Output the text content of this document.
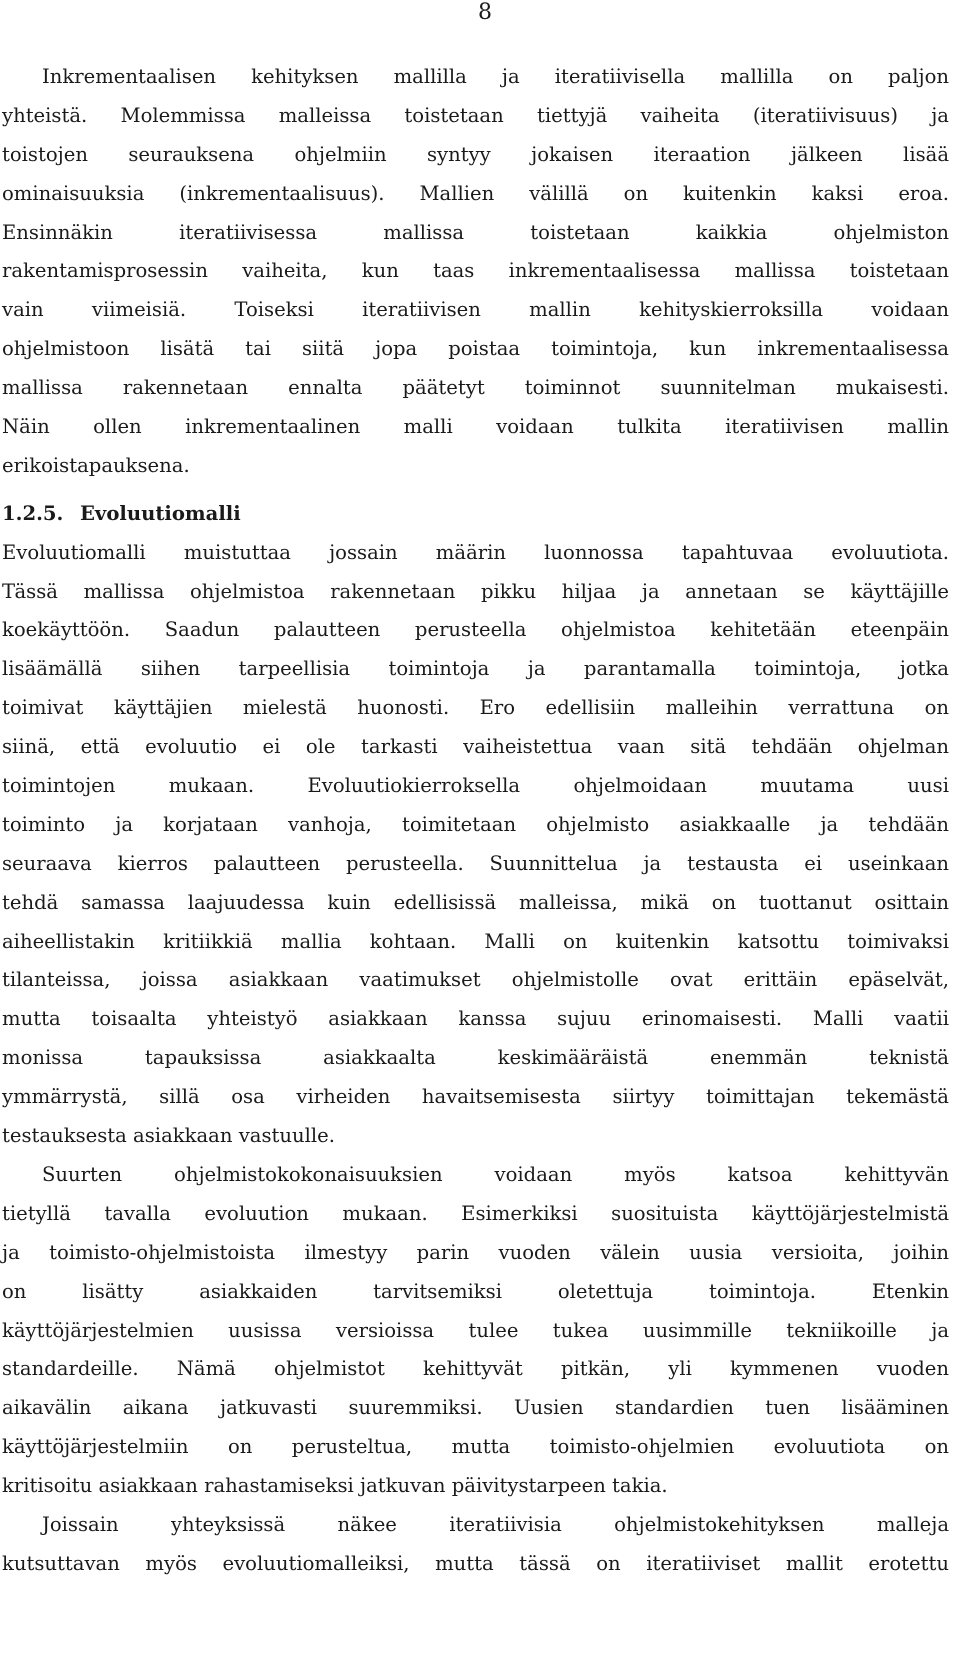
8
Inkrementaalisen kehityksen mallilla ja iteratiivisella mallilla on paljon
yhteistä. Molemmissa malleissa toistetaan tiettyjä vaiheita (iteratiivisuus) ja
toistojen seurauksena ohjelmiin syntyy jokaisen iteraation jälkeen lisää
ominaisuuksia (inkrementaalisuus). Mallien välillä on kuitenkin kaksi eroa.
Ensinnäkin iteratiivisessa mallissa toistetaan kaikkia ohjelmiston
rakentamisprosessin vaiheita, kun taas inkrementaalisessa mallissa toistetaan
vain viimeisiä. Toiseksi iteratiivisen mallin kehityskierroksilla voidaan
ohjelmistoon lisätä tai siitä jopa poistaa toimintoja, kun inkrementaalisessa
mallissa rakennetaan ennalta päätetyt toiminnot suunnitelman mukaisesti.
Näin ollen inkrementaalinen malli voidaan tulkita iteratiivisen mallin
erikoistapauksena.
1.2.5. Evoluutiomalli
Evoluutiomalli muistuttaa jossain määrin luonnossa tapahtuvaa evoluutiota.
Tässä mallissa ohjelmistoa rakennetaan pikku hiljaa ja annetaan se käyttäjille
koekäyttöön. Saadun palautteen perusteella ohjelmistoa kehitetään eteenpäin
lisäämällä siihen tarpeellisia toimintoja ja parantamalla toimintoja, jotka
toimivat käyttäjien mielestä huonosti. Ero edellisiin malleihin verrattuna on
siinä, että evoluutio ei ole tarkasti vaiheistettua vaan sitä tehdään ohjelman
toimintojen mukaan. Evoluutiokierroksella ohjelmoidaan muutama uusi
toiminto ja korjataan vanhoja, toimitetaan ohjelmisto asiakkaalle ja tehdään
seuraava kierros palautteen perusteella. Suunnittelua ja testausta ei useinkaan
tehdä samassa laajuudessa kuin edellisissä malleissa, mikä on tuottanut osittain
aiheellistakin kritiikkiä mallia kohtaan. Malli on kuitenkin katsottu toimivaksi
tilanteissa, joissa asiakkaan vaatimukset ohjelmistolle ovat erittäin epäselvät,
mutta toisaalta yhteistyö asiakkaan kanssa sujuu erinomaisesti. Malli vaatii
monissa tapauksissa asiakkaalta keskimääräistä enemmän teknistä
ymmärrystä, sillä osa virheiden havaitsemisesta siirtyy toimittajan tekemästä
testauksesta asiakkaan vastuulle.
Suurten ohjelmistokokonaisuuksien voidaan myös katsoa kehittyvän
tietyllä tavalla evoluution mukaan. Esimerkiksi suosituista käyttöjärjestelmistä
ja toimisto-ohjelmistoista ilmestyy parin vuoden välein uusia versioita, joihin
on lisätty asiakkaiden tarvitsemiksi oletettuja toimintoja. Etenkin
käyttöjärjestelmien uusissa versioissa tulee tukea uusimmille tekniikoille ja
standardeille. Nämä ohjelmistot kehittyvät pitkän, yli kymmenen vuoden
aikavälin aikana jatkuvasti suuremmiksi. Uusien standardien tuen lisääminen
käyttöjärjestelmiin on perusteltua, mutta toimisto-ohjelmien evoluutiota on
kritisoitu asiakkaan rahastamiseksi jatkuvan päivitystarpeen takia.
Joissain yhteyksissä näkee iteratiivisia ohjelmistokehityksen malleja
kutsuttavan myös evoluutiomalleiksi, mutta tässä on iteratiiviset mallit erotettu
